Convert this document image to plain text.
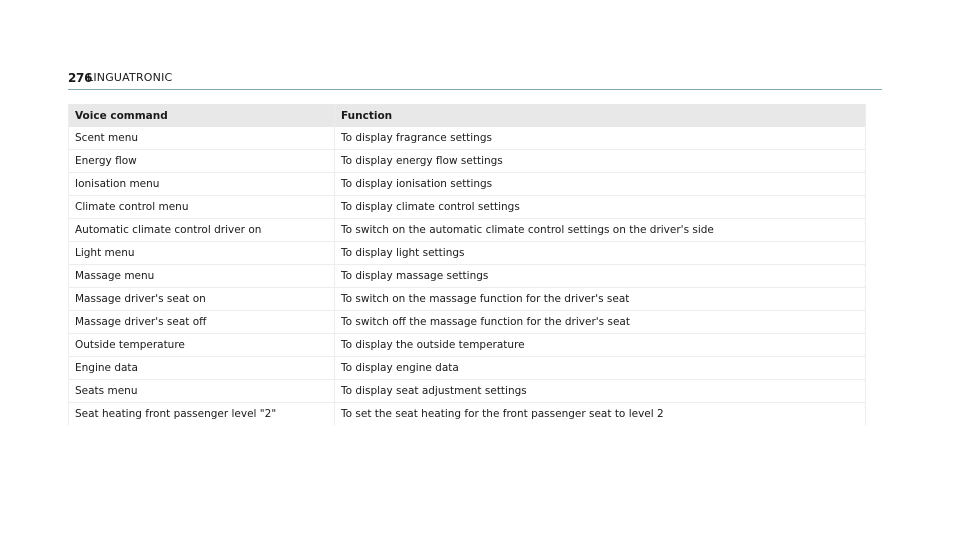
276
LINGUATRONIC
Voice command	Function
Scent menu	To display fragrance settings
Energy flow	To display energy flow settings
Ionisation menu	To display ionisation settings
Climate control menu	To display climate control settings
Automatic climate control driver on	To switch on the automatic climate control settings on the driver's side
Light menu	To display light settings
Massage menu	To display massage settings
Massage driver's seat on	To switch on the massage function for the driver's seat
Massage driver's seat off	To switch off the massage function for the driver's seat
Outside temperature	To display the outside temperature
Engine data	To display engine data
Seats menu	To display seat adjustment settings
Seat heating front passenger level "2"	To set the seat heating for the front passenger seat to level 2
